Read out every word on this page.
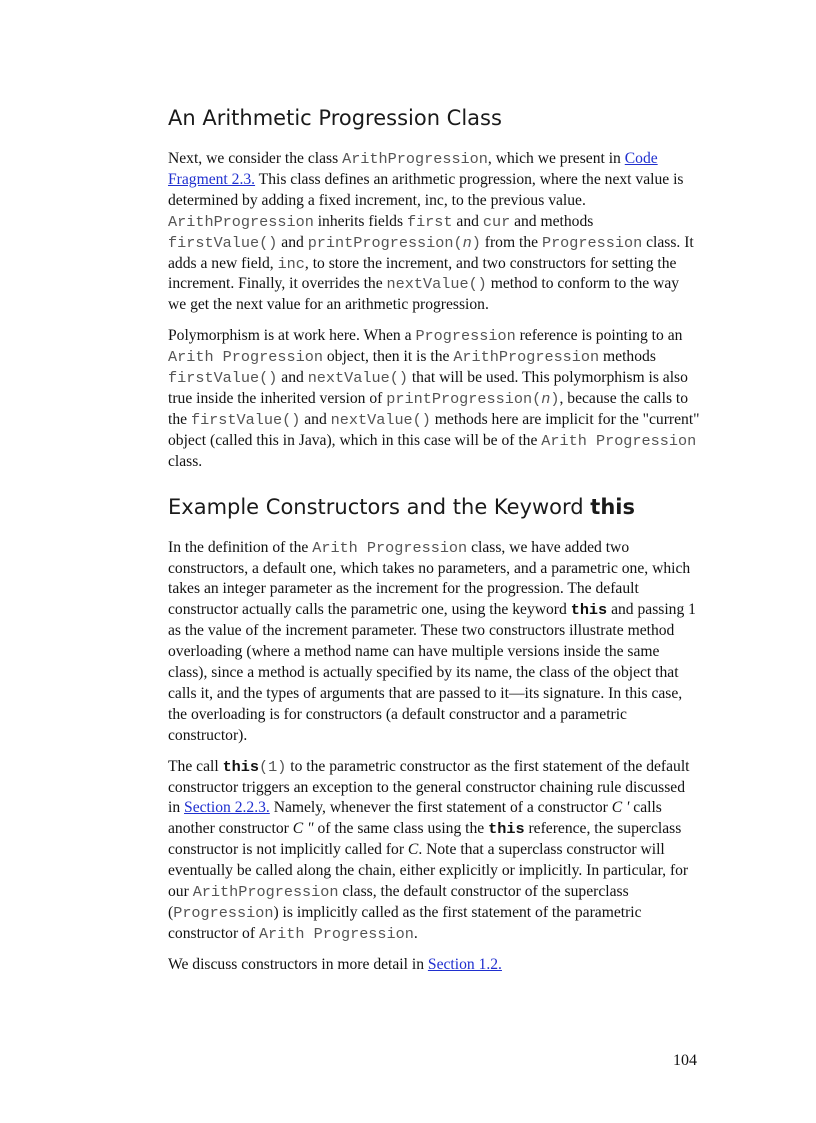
An Arithmetic Progression Class

Next, we consider the class ArithProgression, which we present in Code Fragment 2.3. This class defines an arithmetic progression, where the next value is determined by adding a fixed increment, inc, to the previous value. ArithProgression inherits fields first and cur and methods firstValue() and printProgression(n) from the Progression class. It adds a new field, inc, to store the increment, and two constructors for setting the increment. Finally, it overrides the nextValue() method to conform to the way we get the next value for an arithmetic progression.

Polymorphism is at work here. When a Progression reference is pointing to an Arith Progression object, then it is the ArithProgression methods firstValue() and nextValue() that will be used. This polymorphism is also true inside the inherited version of printProgression(n), because the calls to the firstValue() and nextValue() methods here are implicit for the "current" object (called this in Java), which in this case will be of the Arith Progression class.

Example Constructors and the Keyword this

In the definition of the Arith Progression class, we have added two constructors, a default one, which takes no parameters, and a parametric one, which takes an integer parameter as the increment for the progression. The default constructor actually calls the parametric one, using the keyword this and passing 1 as the value of the increment parameter. These two constructors illustrate method overloading (where a method name can have multiple versions inside the same class), since a method is actually specified by its name, the class of the object that calls it, and the types of arguments that are passed to it—its signature. In this case, the overloading is for constructors (a default constructor and a parametric constructor).

The call this(1) to the parametric constructor as the first statement of the default constructor triggers an exception to the general constructor chaining rule discussed in Section 2.2.3. Namely, whenever the first statement of a constructor C ' calls another constructor C " of the same class using the this reference, the superclass constructor is not implicitly called for C. Note that a superclass constructor will eventually be called along the chain, either explicitly or implicitly. In particular, for our ArithProgression class, the default constructor of the superclass (Progression) is implicitly called as the first statement of the parametric constructor of Arith Progression.

We discuss constructors in more detail in Section 1.2.

104
